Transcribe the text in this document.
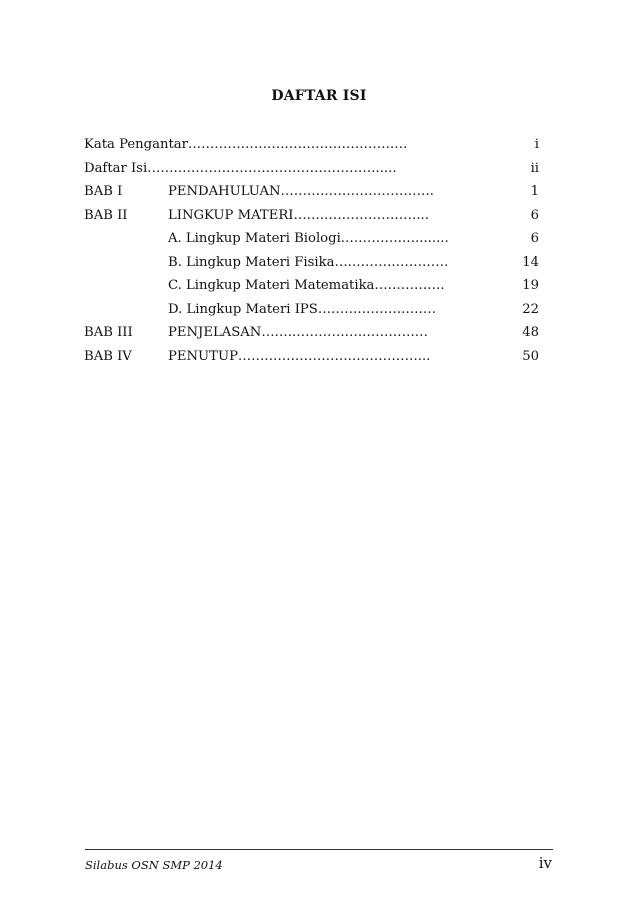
DAFTAR ISI
Kata Pengantar………………….……………………….	i
Daftar Isi…….……………………………………….....	ii
BAB I	PENDAHULUAN……….…………………….	1
BAB II	LINGKUP MATERI…….…………………...	6
A. Lingkup Materi Biologi.………….…........	6
B. Lingkup Materi Fisika….……….…………	14
C. Lingkup Materi Matematika…………….	19
D. Lingkup Materi IPS……….……….…….	22
BAB III	PENJELASAN…….…………….……………	48
BAB IV	PENUTUP……….…………….……………...	50
Silabus OSN SMP 2014	iv
